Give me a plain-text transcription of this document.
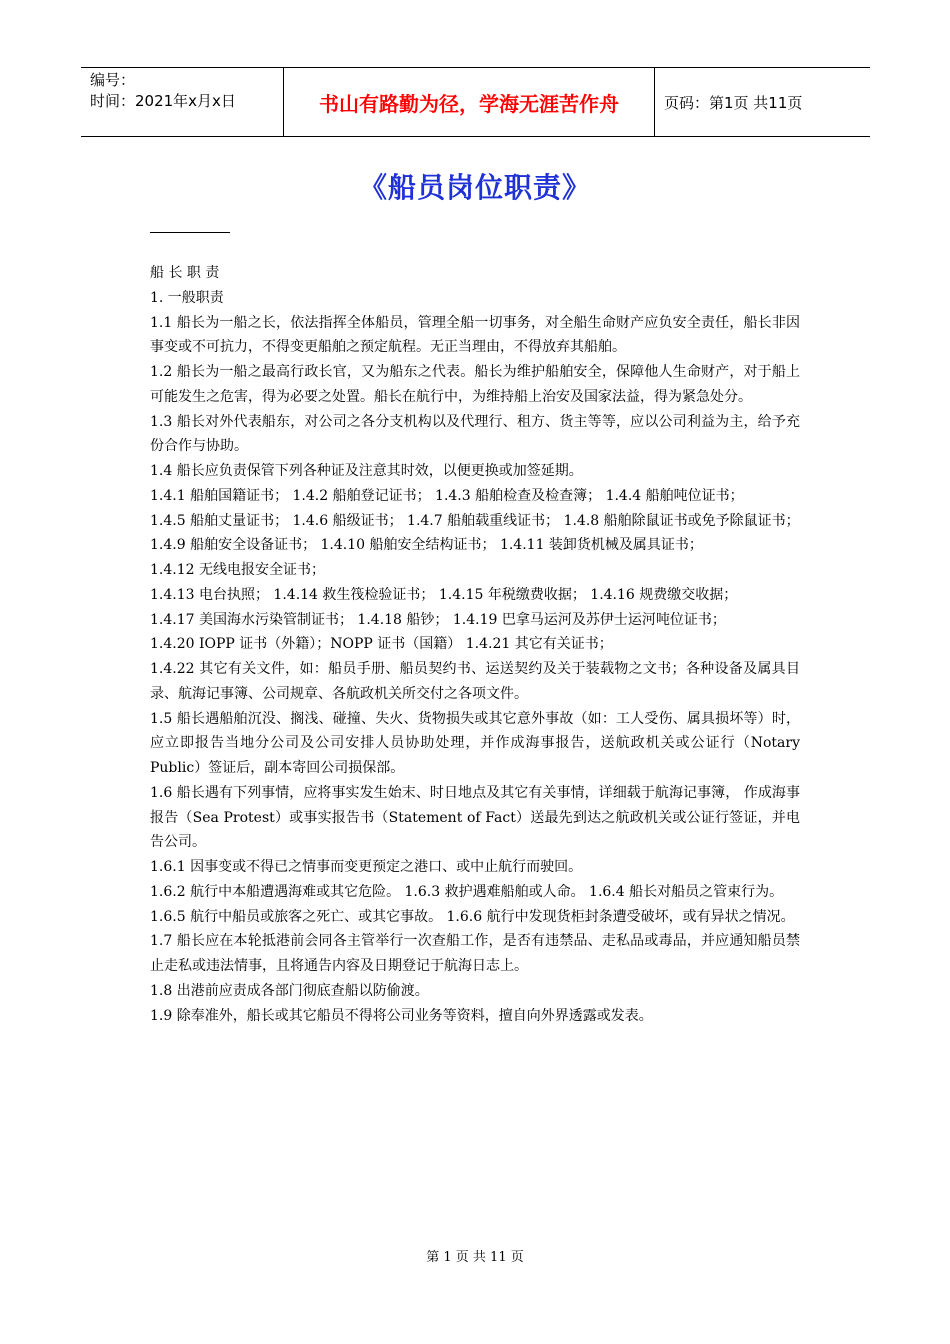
编号：
时间：2021年x月x日	书山有路勤为径，学海无涯苦作舟	页码：第1页 共11页
《船员岗位职责》

船 长 职 责

1. 一般职责

1.1 船长为一船之长，依法指挥全体船员，管理全船一切事务，对全船生命财产应负安全责任，船长非因事变或不可抗力，不得变更船舶之预定航程。无正当理由，不得放弃其船舶。

1.2 船长为一船之最高行政长官，又为船东之代表。船长为维护船舶安全，保障他人生命财产，对于船上可能发生之危害，得为必要之处置。船长在航行中，为维持船上治安及国家法益，得为紧急处分。

1.3 船长对外代表船东，对公司之各分支机构以及代理行、租方、货主等等，应以公司利益为主，给予充份合作与协助。

1.4 船长应负责保管下列各种证及注意其时效，以便更换或加签延期。

1.4.1 船舶国籍证书； 1.4.2 船舶登记证书； 1.4.3 船舶检查及检查簿； 1.4.4 船舶吨位证书；

1.4.5 船舶丈量证书； 1.4.6 船级证书； 1.4.7 船舶载重线证书； 1.4.8 船舶除鼠证书或免予除鼠证书；

1.4.9 船舶安全设备证书； 1.4.10 船舶安全结构证书； 1.4.11 装卸货机械及属具证书；

1.4.12 无线电报安全证书；

1.4.13 电台执照； 1.4.14 救生筏检验证书； 1.4.15 年税缴费收据； 1.4.16 规费缴交收据；

1.4.17 美国海水污染管制证书； 1.4.18 船钞； 1.4.19 巴拿马运河及苏伊士运河吨位证书；

1.4.20 IOPP 证书（外籍）；NOPP 证书（国籍） 1.4.21 其它有关证书；

1.4.22 其它有关文件，如：船员手册、船员契约书、运送契约及关于装载物之文书；各种设备及属具目录、航海记事簿、公司规章、各航政机关所交付之各项文件。

1.5 船长遇船舶沉没、搁浅、碰撞、失火、货物损失或其它意外事故（如：工人受伤、属具损坏等）时，应立即报告当地分公司及公司安排人员协助处理，并作成海事报告，送航政机关或公证行（Notary Public）签证后，副本寄回公司损保部。

1.6 船长遇有下列事情，应将事实发生始末、时日地点及其它有关事情，详细载于航海记事簿， 作成海事报告（Sea Protest）或事实报告书（Statement of Fact）送最先到达之航政机关或公证行签证，并电告公司。

1.6.1 因事变或不得已之情事而变更预定之港口、或中止航行而驶回。

1.6.2 航行中本船遭遇海难或其它危险。 1.6.3 救护遇难船舶或人命。 1.6.4 船长对船员之管束行为。

1.6.5 航行中船员或旅客之死亡、或其它事故。 1.6.6 航行中发现货柜封条遭受破坏，或有异状之情况。

1.7 船长应在本轮抵港前会同各主管举行一次查船工作，是否有违禁品、走私品或毒品，并应通知船员禁止走私或违法情事，且将通告内容及日期登记于航海日志上。

1.8 出港前应责成各部门彻底查船以防偷渡。

1.9 除奉准外，船长或其它船员不得将公司业务等资料，擅自向外界透露或发表。

第 1 页 共 11 页
